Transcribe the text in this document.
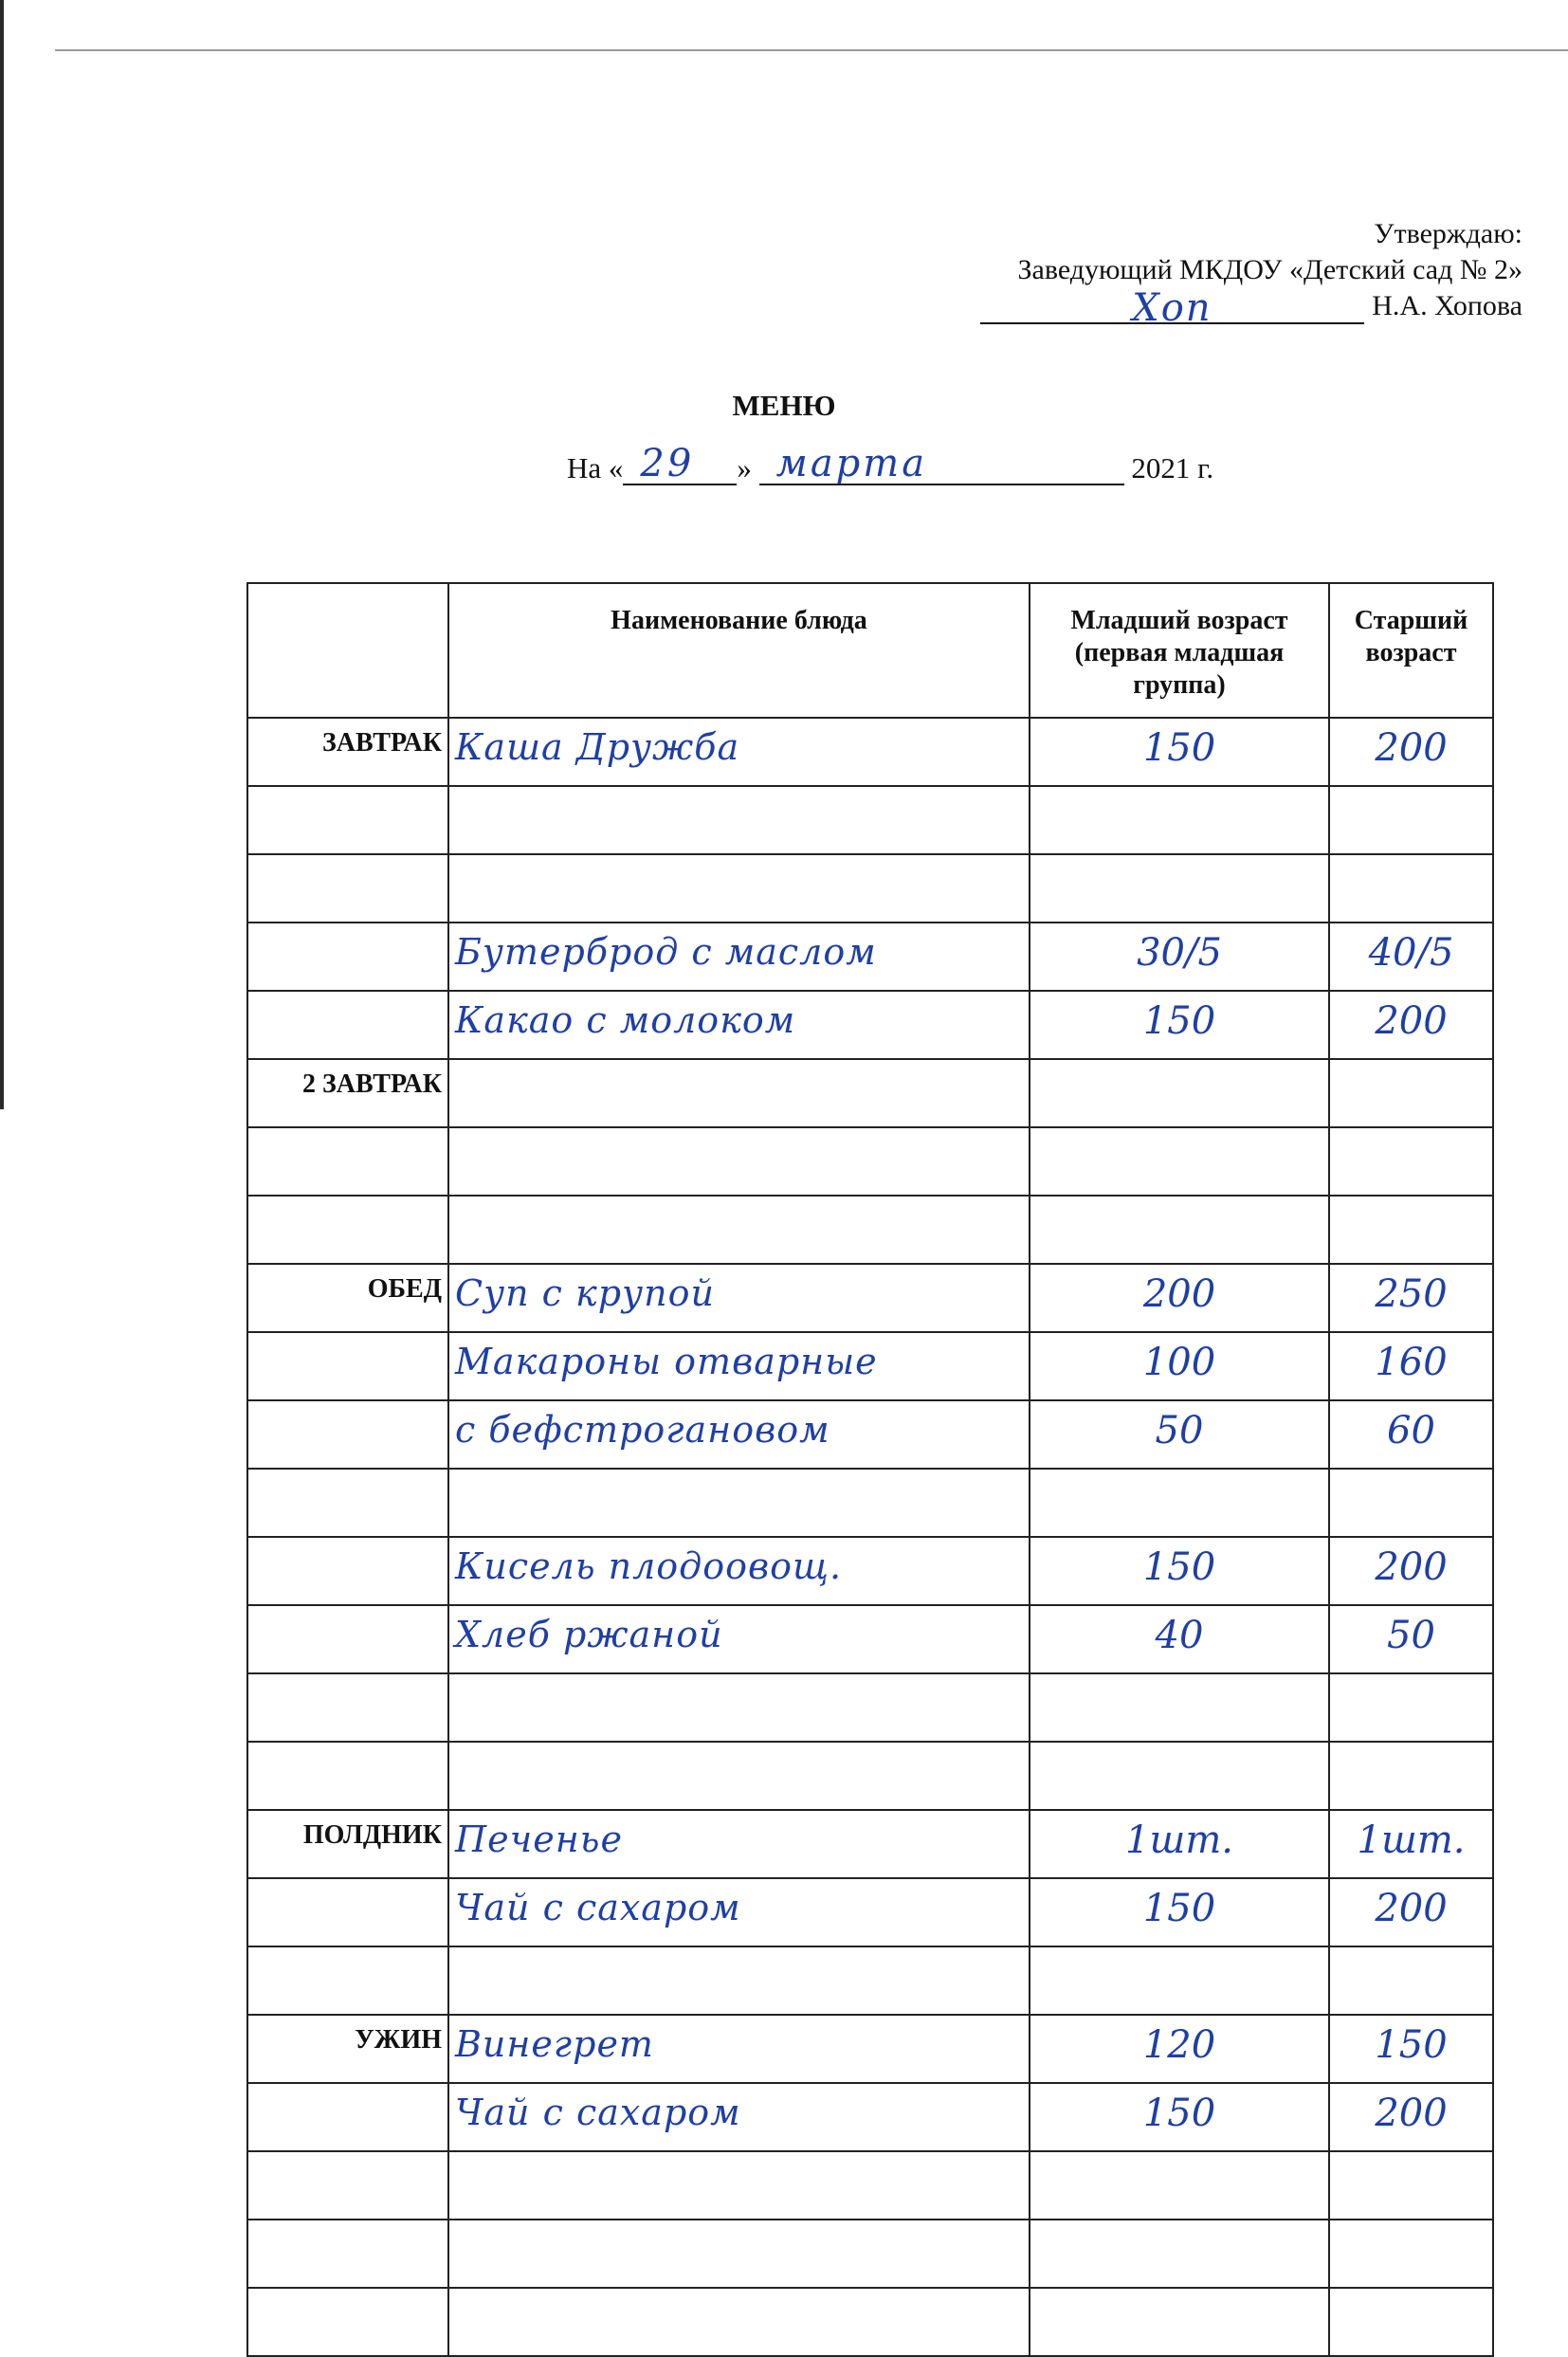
Утверждаю:
Заведующий МКДОУ «Детский сад № 2»
Хоп	Н.А. Хопова
МЕНЮ
На « 29 » марта	2021 г.
	Наименование блюда	Младший возраст (первая младшая группа)	Старший возраст
ЗАВТРАК	Каша Дружба	150	200

	Бутерброд с маслом	30/5	40/5
	Какао с молоком	150	200
2 ЗАВТРАК			

ОБЕД	Суп с крупой	200	250
	Макароны отварные	100	160
	с бефстрогановом	50	60

	Кисель плодоовощ.	150	200
	Хлеб ржаной	40	50

ПОЛДНИК	Печенье	1шт.	1шт.
	Чай с сахаром	150	200

УЖИН	Винегрет	120	150
	Чай с сахаром	150	200
